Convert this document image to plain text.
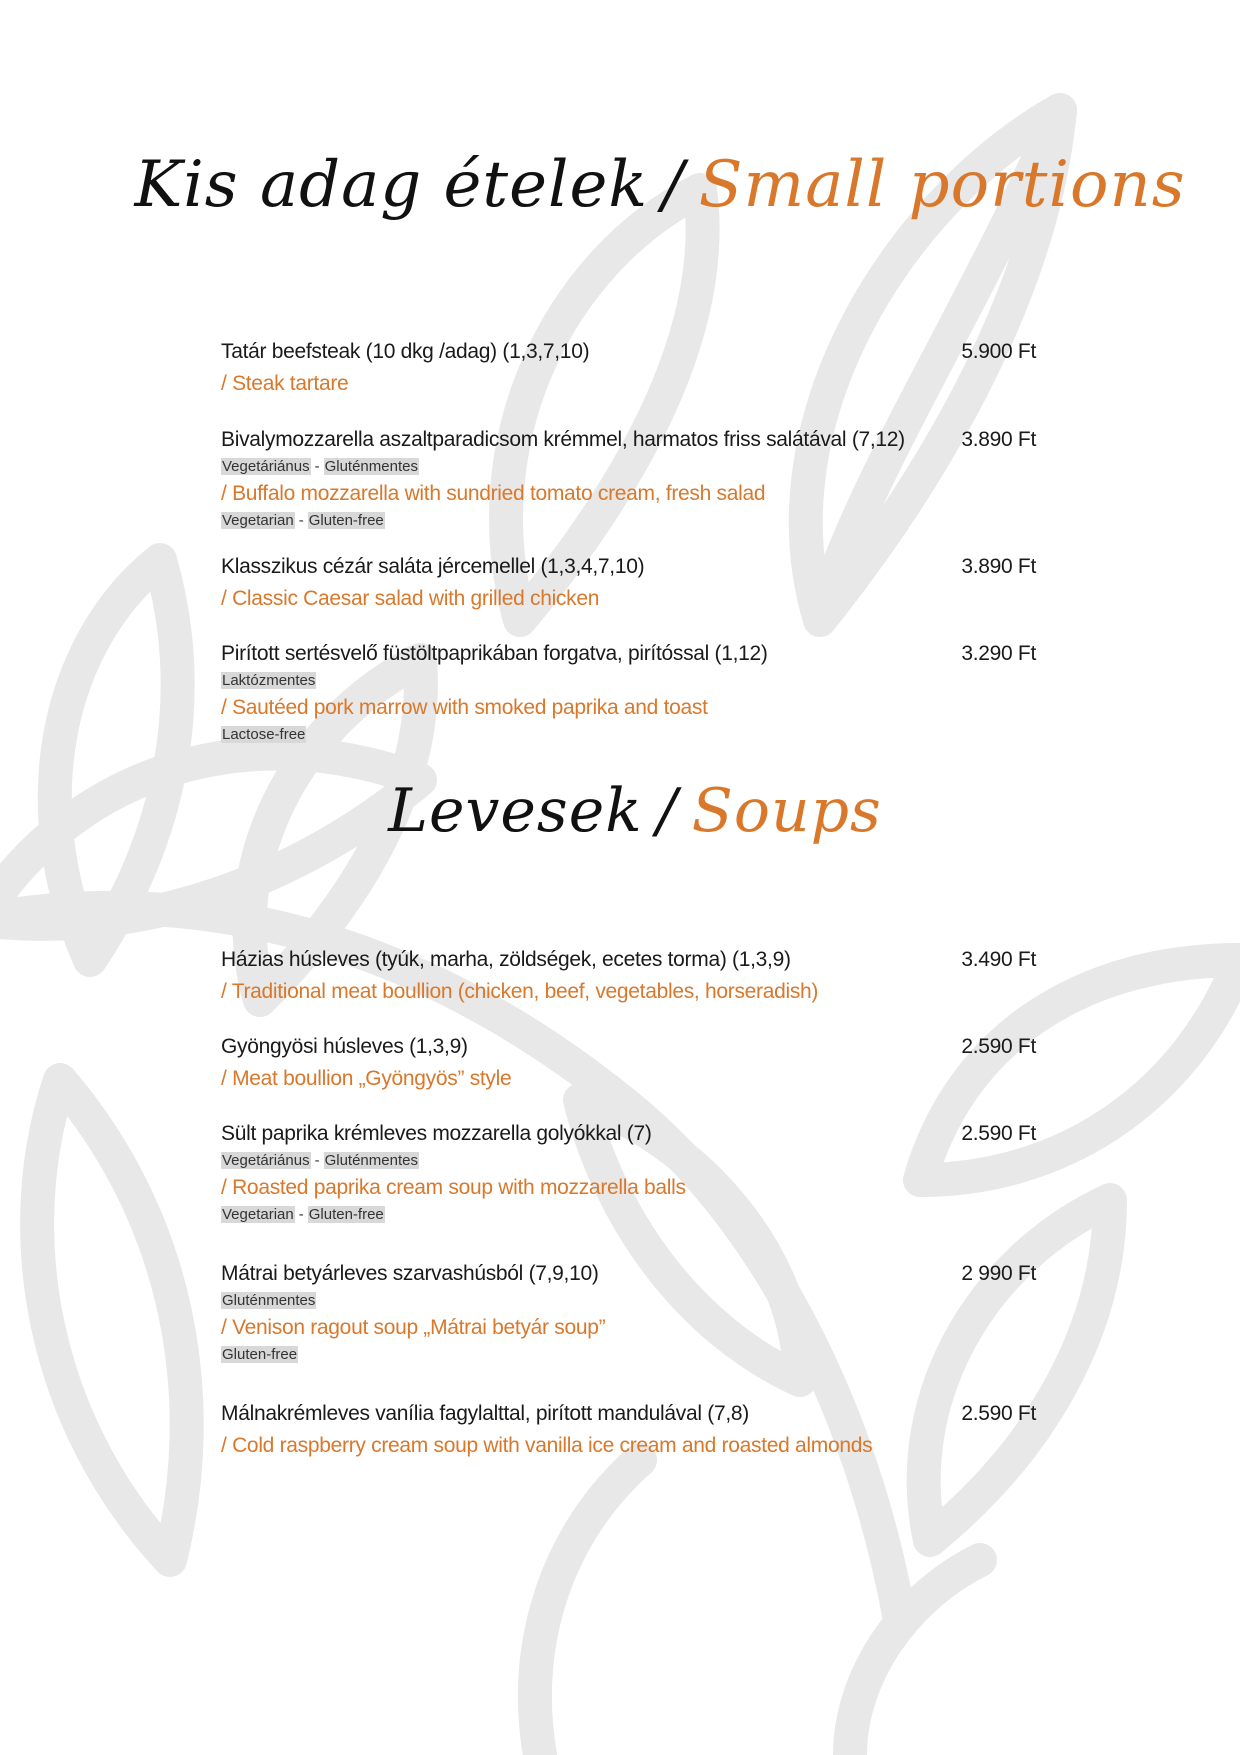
Kis adag ételek / Small portions
Tatár beefsteak (10 dkg /adag) (1,3,7,10)	5.900 Ft
/ Steak tartare
Bivalymozzarella aszaltparadicsom krémmel, harmatos friss salátával (7,12)	3.890 Ft
Vegetáriánus - Gluténmentes
/ Buffalo mozzarella with sundried tomato cream, fresh salad
Vegetarian - Gluten-free
Klasszikus cézár saláta jércemellel (1,3,4,7,10)	3.890 Ft
/ Classic Caesar salad with grilled chicken
Pirított sertésvelő füstöltpaprikában forgatva, pirítóssal (1,12)	3.290 Ft
Laktózmentes
/ Sautéed pork marrow with smoked paprika and toast
Lactose-free
Levesek / Soups
Házias húsleves (tyúk, marha, zöldségek, ecetes torma) (1,3,9)	3.490 Ft
/ Traditional meat boullion (chicken, beef, vegetables, horseradish)
Gyöngyösi húsleves (1,3,9)	2.590 Ft
/ Meat boullion „Gyöngyös” style
Sült paprika krémleves mozzarella golyókkal (7)	2.590 Ft
Vegetáriánus - Gluténmentes
/ Roasted paprika cream soup with mozzarella balls
Vegetarian - Gluten-free
Mátrai betyárleves szarvashúsból (7,9,10)	2 990 Ft
Gluténmentes
/ Venison ragout soup „Mátrai betyár soup”
Gluten-free
Málnakrémleves vanília fagylalttal, pirított mandulával (7,8)	2.590 Ft
/ Cold raspberry cream soup with vanilla ice cream and roasted almonds
